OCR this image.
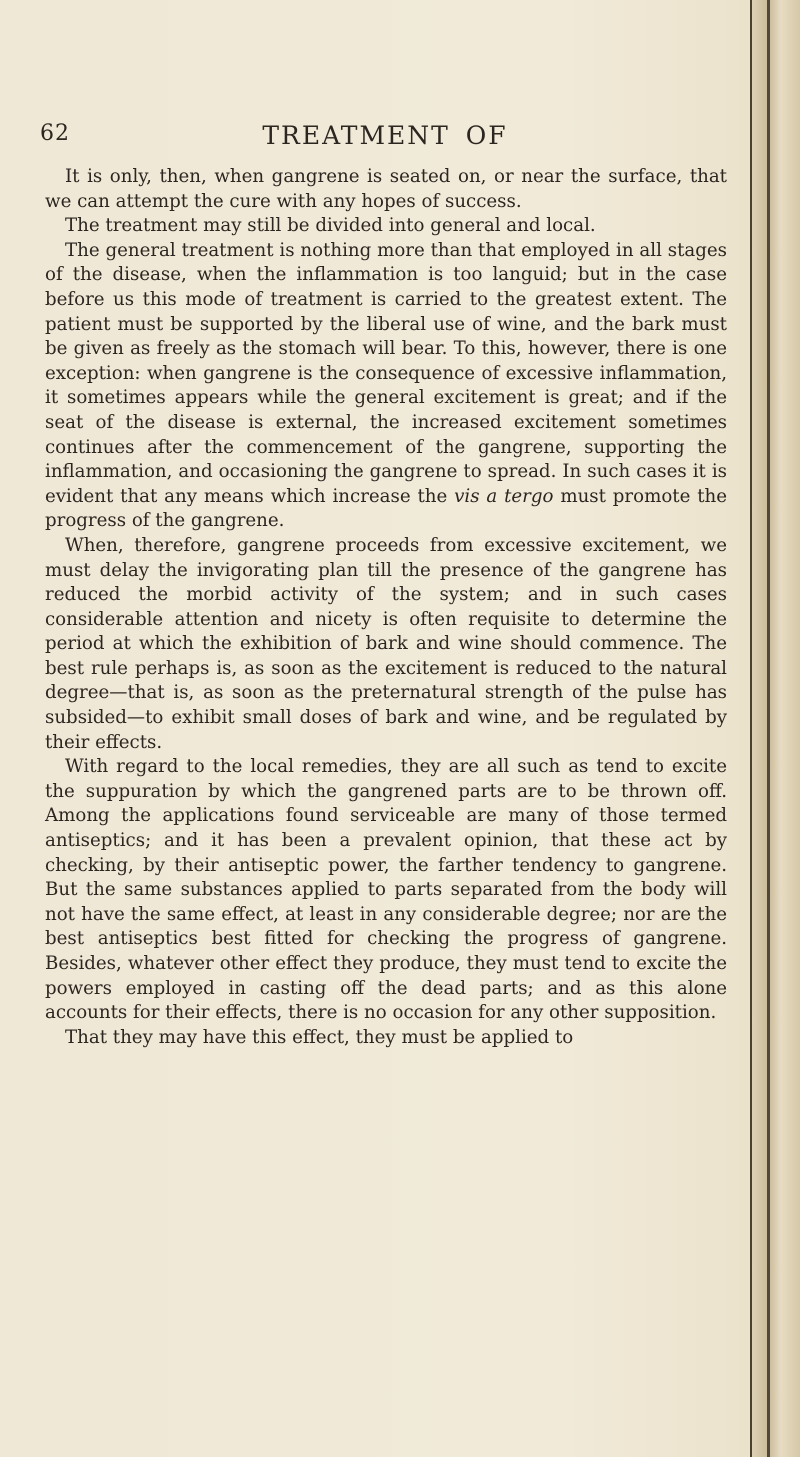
62	TREATMENT OF

It is only, then, when gangrene is seated on, or near the surface, that we can attempt the cure with any hopes of success.

The treatment may still be divided into general and local.

The general treatment is nothing more than that employed in all stages of the disease, when the inflammation is too languid; but in the case before us this mode of treatment is carried to the greatest extent. The patient must be supported by the liberal use of wine, and the bark must be given as freely as the stomach will bear. To this, however, there is one exception: when gangrene is the consequence of excessive inflammation, it sometimes appears while the general excitement is great; and if the seat of the disease is external, the increased excitement sometimes continues after the commencement of the gangrene, supporting the inflammation, and occasioning the gangrene to spread. In such cases it is evident that any means which increase the vis a tergo must promote the progress of the gangrene.

When, therefore, gangrene proceeds from excessive excitement, we must delay the invigorating plan till the presence of the gangrene has reduced the morbid activity of the system; and in such cases considerable attention and nicety is often requisite to determine the period at which the exhibition of bark and wine should commence. The best rule perhaps is, as soon as the excitement is reduced to the natural degree—that is, as soon as the preternatural strength of the pulse has subsided—to exhibit small doses of bark and wine, and be regulated by their effects.

With regard to the local remedies, they are all such as tend to excite the suppuration by which the gangrened parts are to be thrown off. Among the applications found serviceable are many of those termed antiseptics; and it has been a prevalent opinion, that these act by checking, by their antiseptic power, the farther tendency to gangrene. But the same substances applied to parts separated from the body will not have the same effect, at least in any considerable degree; nor are the best antiseptics best fitted for checking the progress of gangrene. Besides, whatever other effect they produce, they must tend to excite the powers employed in casting off the dead parts; and as this alone accounts for their effects, there is no occasion for any other supposition.

That they may have this effect, they must be applied to
